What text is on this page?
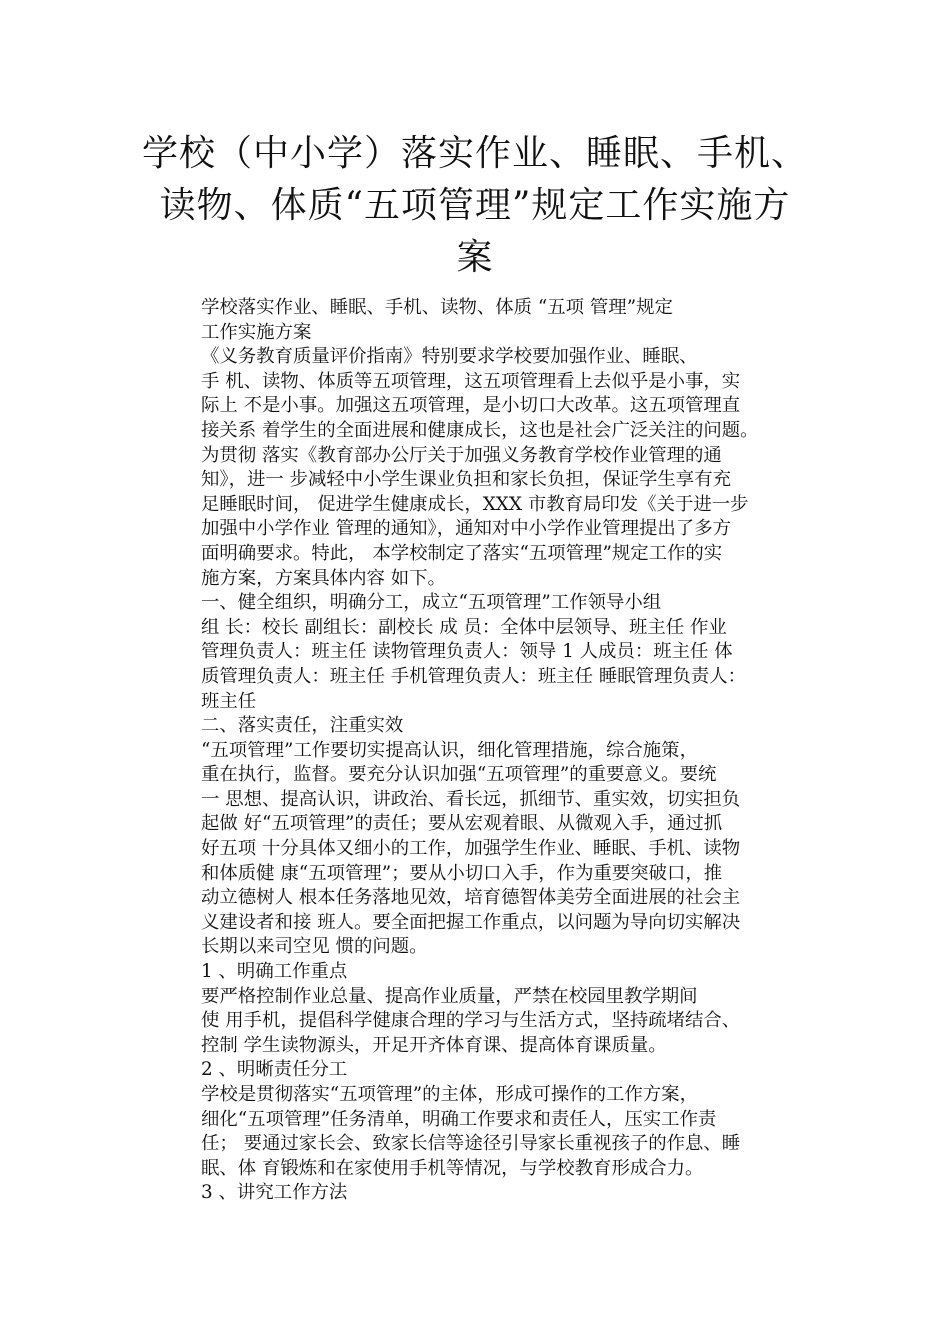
学校（中小学）落实作业、睡眠、手机、
读物、体质“五项管理”规定工作实施方
案

学校落实作业、睡眠、手机、读物、体质 “五项 管理”规定
工作实施方案

《义务教育质量评价指南》特别要求学校要加强作业、睡眠、
手 机、读物、体质等五项管理，这五项管理看上去似乎是小事，实
际上 不是小事。加强这五项管理，是小切口大改革。这五项管理直
接关系 着学生的全面进展和健康成长，这也是社会广泛关注的问题。
为贯彻 落实《教育部办公厅关于加强义务教育学校作业管理的通
知》，进一 步减轻中小学生课业负担和家长负担，保证学生享有充
足睡眠时间， 促进学生健康成长，XXX 市教育局印发《关于进一步
加强中小学作业 管理的通知》，通知对中小学作业管理提出了多方
面明确要求。特此， 本学校制定了落实“五项管理”规定工作的实
施方案，方案具体内容 如下。

一、健全组织，明确分工，成立“五项管理”工作领导小组
组 长：校长 副组长：副校长 成 员：全体中层领导、班主任 作业
管理负责人：班主任 读物管理负责人：领导 1 人成员：班主任 体
质管理负责人：班主任 手机管理负责人：班主任 睡眠管理负责人：
班主任

二、落实责任，注重实效

“五项管理”工作要切实提高认识，细化管理措施，综合施策，
重在执行，监督。要充分认识加强“五项管理”的重要意义。要统
一 思想、提高认识，讲政治、看长远，抓细节、重实效，切实担负
起做 好“五项管理”的责任；要从宏观着眼、从微观入手，通过抓
好五项 十分具体又细小的工作，加强学生作业、睡眠、手机、读物
和体质健 康“五项管理”；要从小切口入手，作为重要突破口，推
动立德树人 根本任务落地见效，培育德智体美劳全面进展的社会主
义建设者和接 班人。要全面把握工作重点，以问题为导向切实解决
长期以来司空见 惯的问题。

1 、明确工作重点

要严格控制作业总量、提高作业质量，严禁在校园里教学期间
使 用手机，提倡科学健康合理的学习与生活方式，坚持疏堵结合、
控制 学生读物源头，开足开齐体育课、提高体育课质量。

2 、明晰责任分工

学校是贯彻落实“五项管理”的主体，形成可操作的工作方案，
细化“五项管理”任务清单，明确工作要求和责任人，压实工作责
任； 要通过家长会、致家长信等途径引导家长重视孩子的作息、睡
眠、体 育锻炼和在家使用手机等情况，与学校教育形成合力。

3 、讲究工作方法
